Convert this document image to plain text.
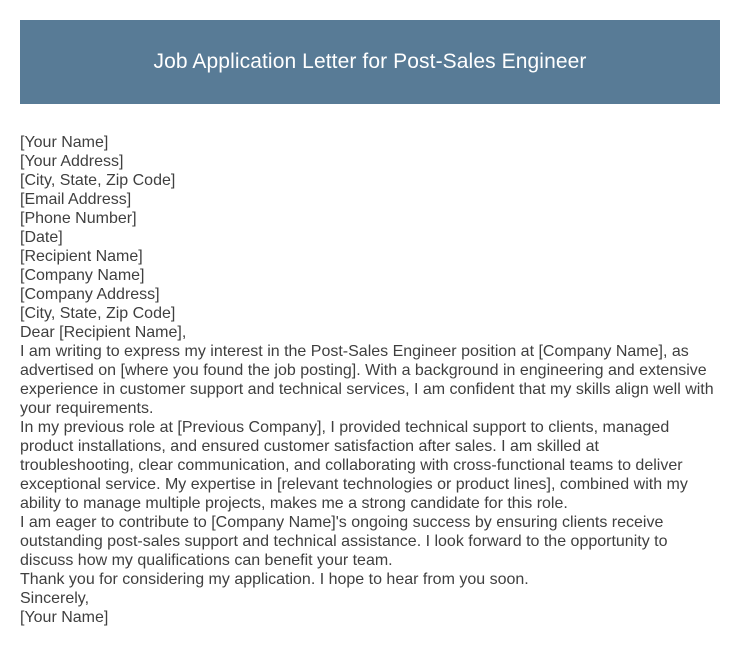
Job Application Letter for Post-Sales Engineer
[Your Name]
[Your Address]
[City, State, Zip Code]
[Email Address]
[Phone Number]
[Date]
[Recipient Name]
[Company Name]
[Company Address]
[City, State, Zip Code]
Dear [Recipient Name],
I am writing to express my interest in the Post-Sales Engineer position at [Company Name], as
advertised on [where you found the job posting]. With a background in engineering and extensive
experience in customer support and technical services, I am confident that my skills align well with
your requirements.
In my previous role at [Previous Company], I provided technical support to clients, managed
product installations, and ensured customer satisfaction after sales. I am skilled at
troubleshooting, clear communication, and collaborating with cross-functional teams to deliver
exceptional service. My expertise in [relevant technologies or product lines], combined with my
ability to manage multiple projects, makes me a strong candidate for this role.
I am eager to contribute to [Company Name]'s ongoing success by ensuring clients receive
outstanding post-sales support and technical assistance. I look forward to the opportunity to
discuss how my qualifications can benefit your team.
Thank you for considering my application. I hope to hear from you soon.
Sincerely,
[Your Name]
